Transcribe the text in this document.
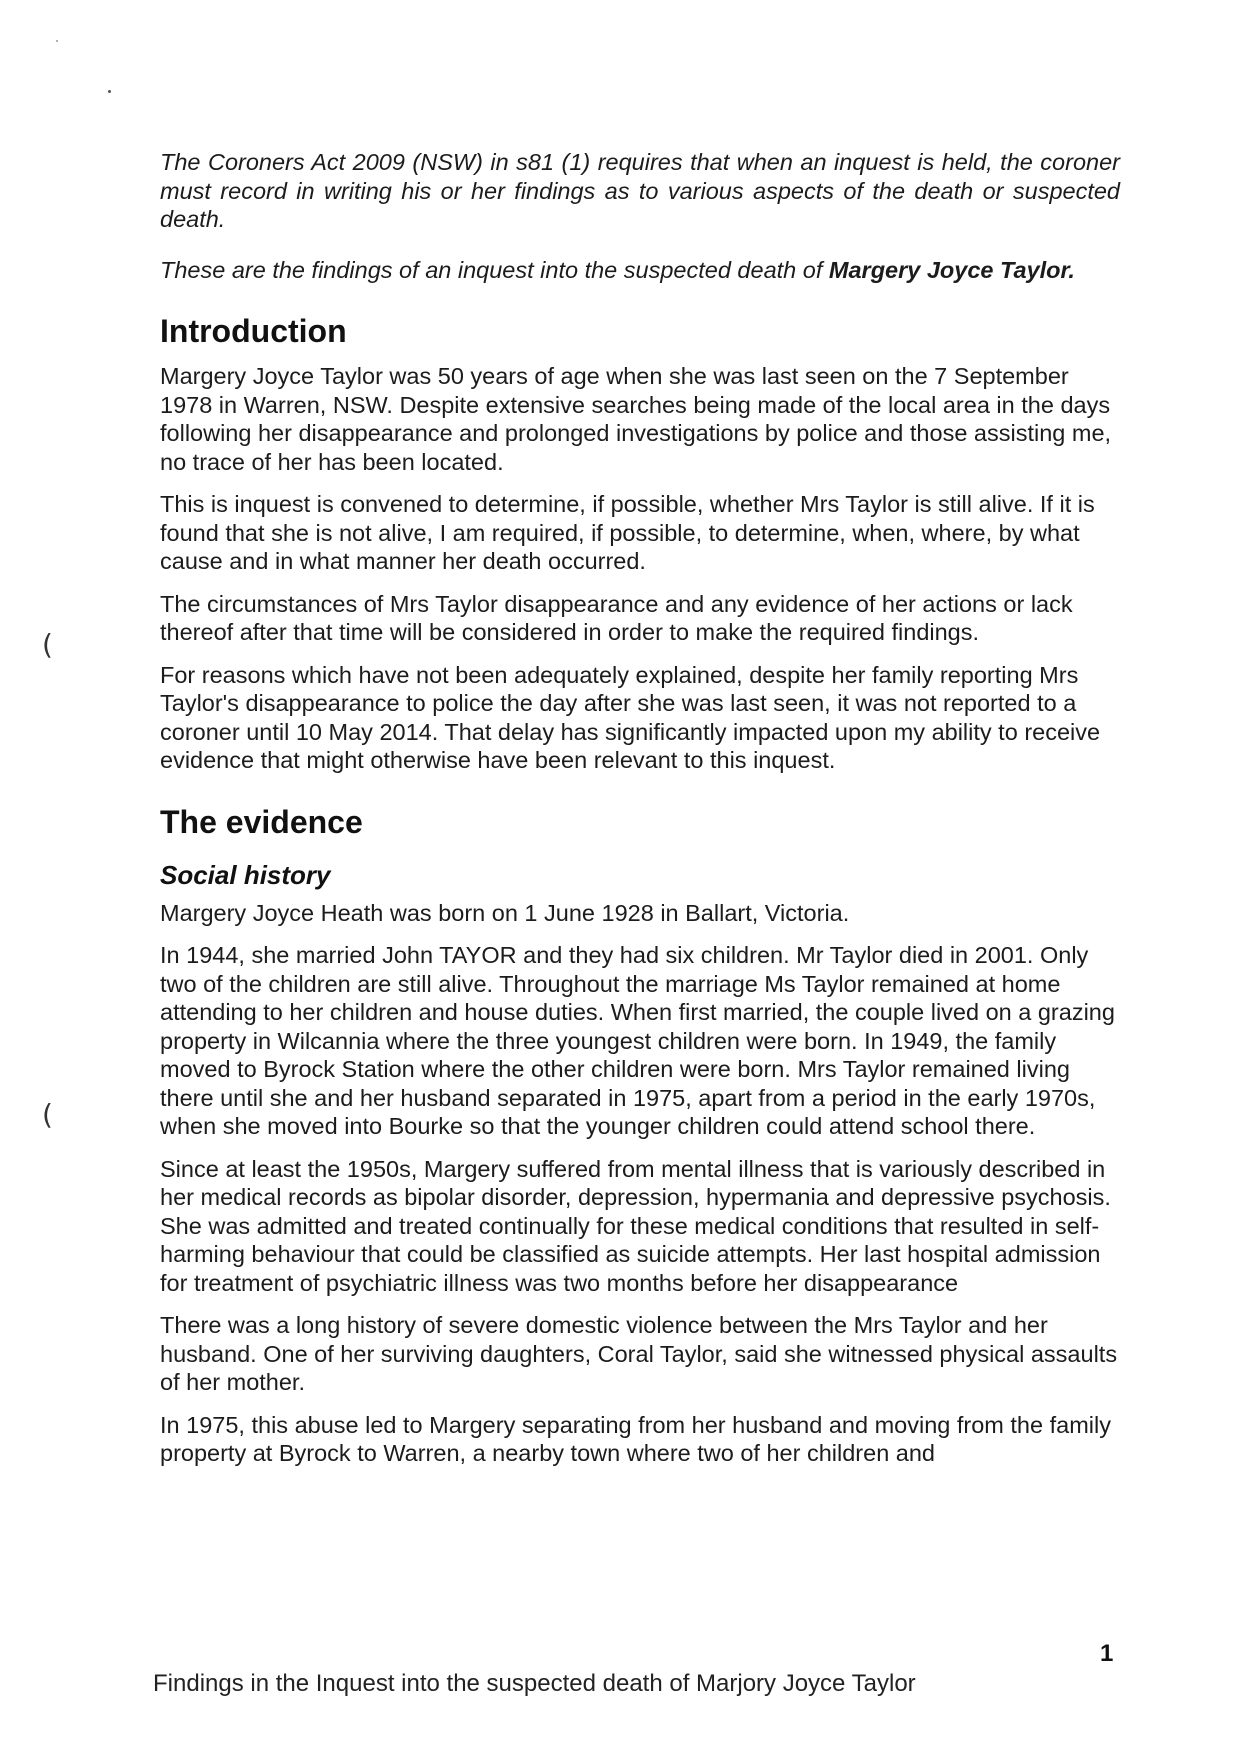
(
(

The Coroners Act 2009 (NSW) in s81 (1) requires that when an inquest is held, the coroner must record in writing his or her findings as to various aspects of the death or suspected death.

These are the findings of an inquest into the suspected death of Margery Joyce Taylor.

Introduction

Margery Joyce Taylor was 50 years of age when she was last seen on the 7 September 1978 in Warren, NSW. Despite extensive searches being made of the local area in the days following her disappearance and prolonged investigations by police and those assisting me, no trace of her has been located.

This is inquest is convened to determine, if possible, whether Mrs Taylor is still alive. If it is found that she is not alive, I am required, if possible, to determine, when, where, by what cause and in what manner her death occurred.

The circumstances of Mrs Taylor disappearance and any evidence of her actions or lack thereof after that time will be considered in order to make the required findings.

For reasons which have not been adequately explained, despite her family reporting Mrs Taylor's disappearance to police the day after she was last seen, it was not reported to a coroner until 10 May 2014. That delay has significantly impacted upon my ability to receive evidence that might otherwise have been relevant to this inquest.

The evidence
Social history

Margery Joyce Heath was born on 1 June 1928 in Ballart, Victoria.

In 1944, she married John TAYOR and they had six children. Mr Taylor died in 2001. Only two of the children are still alive. Throughout the marriage Ms Taylor remained at home attending to her children and house duties. When first married, the couple lived on a grazing property in Wilcannia where the three youngest children were born. In 1949, the family moved to Byrock Station where the other children were born. Mrs Taylor remained living there until she and her husband separated in 1975, apart from a period in the early 1970s, when she moved into Bourke so that the younger children could attend school there.

Since at least the 1950s, Margery suffered from mental illness that is variously described in her medical records as bipolar disorder, depression, hypermania and depressive psychosis. She was admitted and treated continually for these medical conditions that resulted in self-harming behaviour that could be classified as suicide attempts. Her last hospital admission for treatment of psychiatric illness was two months before her disappearance

There was a long history of severe domestic violence between the Mrs Taylor and her husband. One of her surviving daughters, Coral Taylor, said she witnessed physical assaults of her mother.

In 1975, this abuse led to Margery separating from her husband and moving from the family property at Byrock to Warren, a nearby town where two of her children and

1
Findings in the Inquest into the suspected death of Marjory Joyce Taylor
